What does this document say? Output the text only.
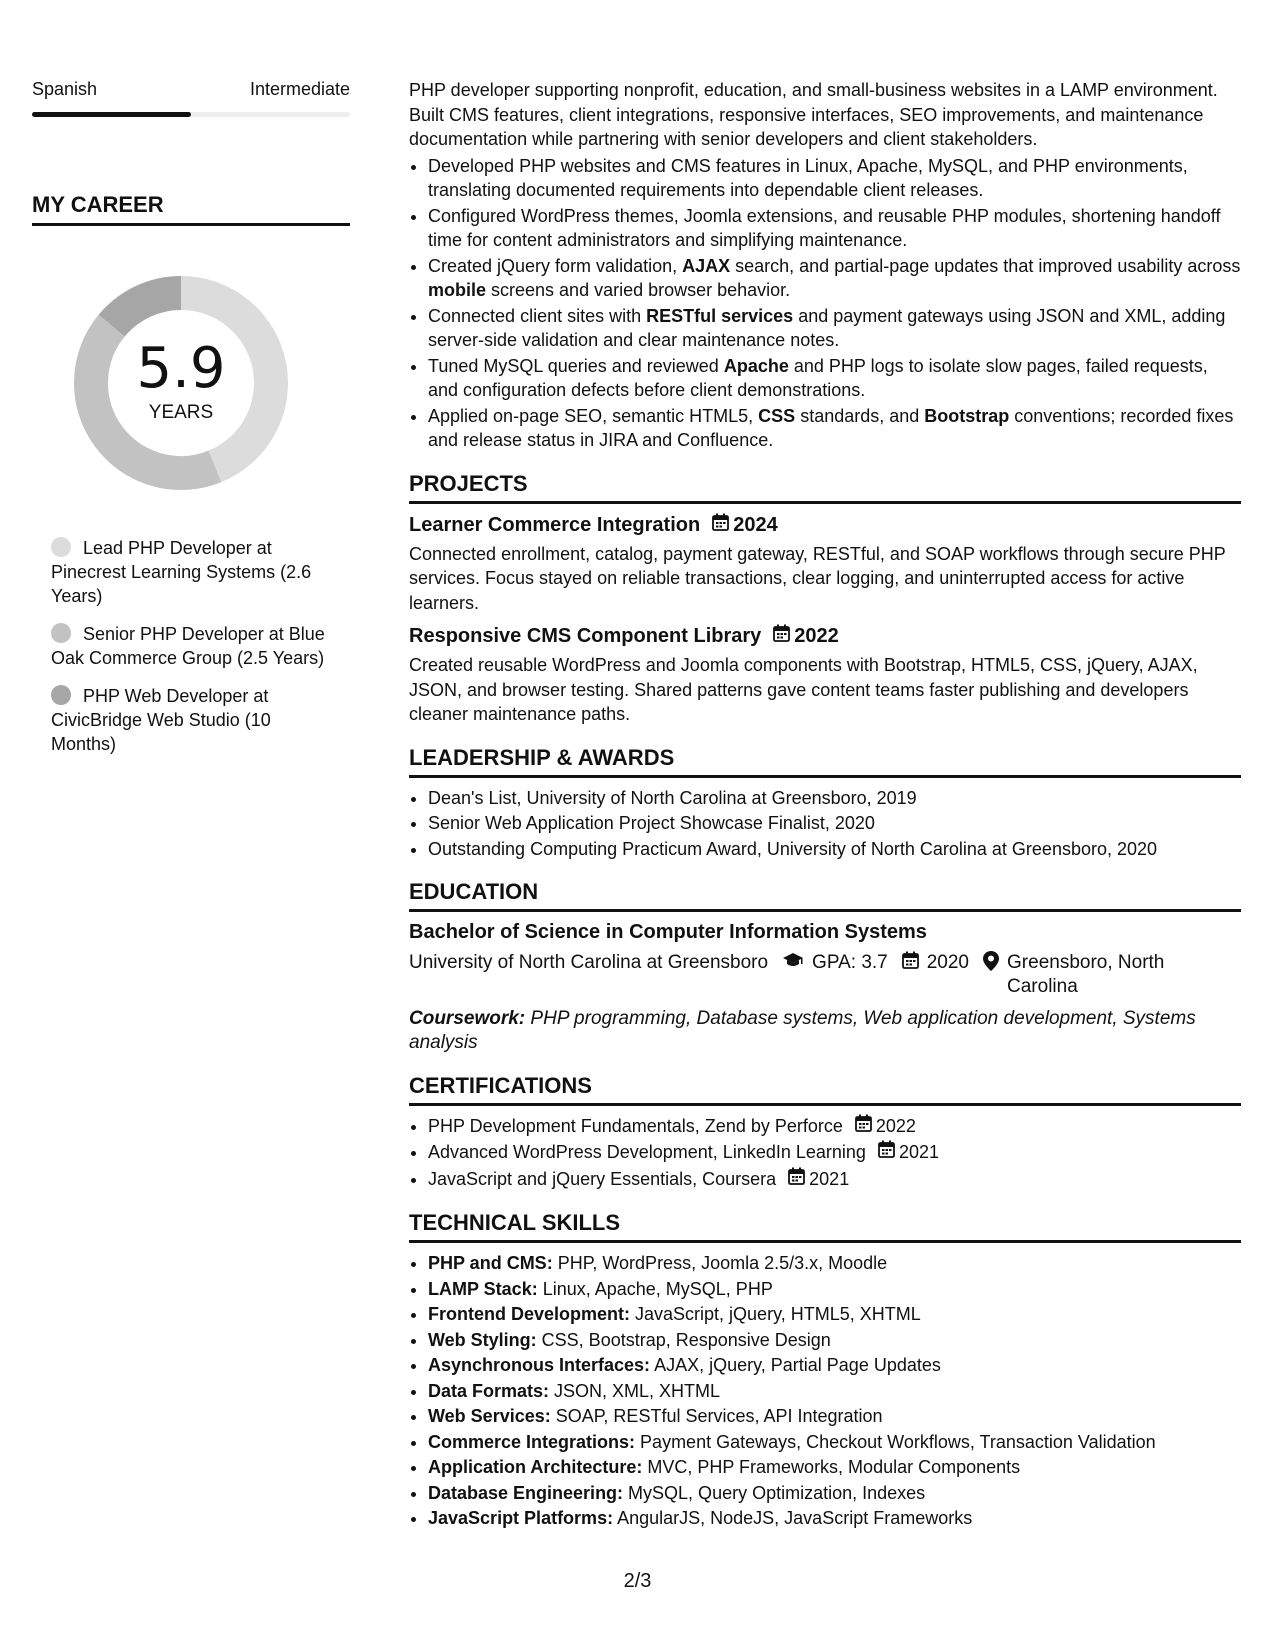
Spanish	Intermediate
MY CAREER
5.9
YEARS
Lead PHP Developer at Pinecrest Learning Systems (2.6 Years)
Senior PHP Developer at Blue Oak Commerce Group (2.5 Years)
PHP Web Developer at CivicBridge Web Studio (10 Months)

PHP developer supporting nonprofit, education, and small-business websites in a LAMP environment. Built CMS features, client integrations, responsive interfaces, SEO improvements, and maintenance documentation while partnering with senior developers and client stakeholders.

• Developed PHP websites and CMS features in Linux, Apache, MySQL, and PHP environments, translating documented requirements into dependable client releases.
• Configured WordPress themes, Joomla extensions, and reusable PHP modules, shortening handoff time for content administrators and simplifying maintenance.
• Created jQuery form validation, AJAX search, and partial-page updates that improved usability across mobile screens and varied browser behavior.
• Connected client sites with RESTful services and payment gateways using JSON and XML, adding server-side validation and clear maintenance notes.
• Tuned MySQL queries and reviewed Apache and PHP logs to isolate slow pages, failed requests, and configuration defects before client demonstrations.
• Applied on-page SEO, semantic HTML5, CSS standards, and Bootstrap conventions; recorded fixes and release status in JIRA and Confluence.
PROJECTS
Learner Commerce Integration 2024
Connected enrollment, catalog, payment gateway, RESTful, and SOAP workflows through secure PHP services. Focus stayed on reliable transactions, clear logging, and uninterrupted access for active learners.
Responsive CMS Component Library 2022
Created reusable WordPress and Joomla components with Bootstrap, HTML5, CSS, jQuery, AJAX, JSON, and browser testing. Shared patterns gave content teams faster publishing and developers cleaner maintenance paths.
LEADERSHIP & AWARDS
• Dean's List, University of North Carolina at Greensboro, 2019
• Senior Web Application Project Showcase Finalist, 2020
• Outstanding Computing Practicum Award, University of North Carolina at Greensboro, 2020
EDUCATION
Bachelor of Science in Computer Information Systems
University of North Carolina at Greensboro GPA: 3.7 2020 Greensboro, North Carolina
Coursework: PHP programming, Database systems, Web application development, Systems analysis
CERTIFICATIONS
• PHP Development Fundamentals, Zend by Perforce 2022
• Advanced WordPress Development, LinkedIn Learning 2021
• JavaScript and jQuery Essentials, Coursera 2021
TECHNICAL SKILLS
• PHP and CMS: PHP, WordPress, Joomla 2.5/3.x, Moodle
• LAMP Stack: Linux, Apache, MySQL, PHP
• Frontend Development: JavaScript, jQuery, HTML5, XHTML
• Web Styling: CSS, Bootstrap, Responsive Design
• Asynchronous Interfaces: AJAX, jQuery, Partial Page Updates
• Data Formats: JSON, XML, XHTML
• Web Services: SOAP, RESTful Services, API Integration
• Commerce Integrations: Payment Gateways, Checkout Workflows, Transaction Validation
• Application Architecture: MVC, PHP Frameworks, Modular Components
• Database Engineering: MySQL, Query Optimization, Indexes
• JavaScript Platforms: AngularJS, NodeJS, JavaScript Frameworks
2/3
